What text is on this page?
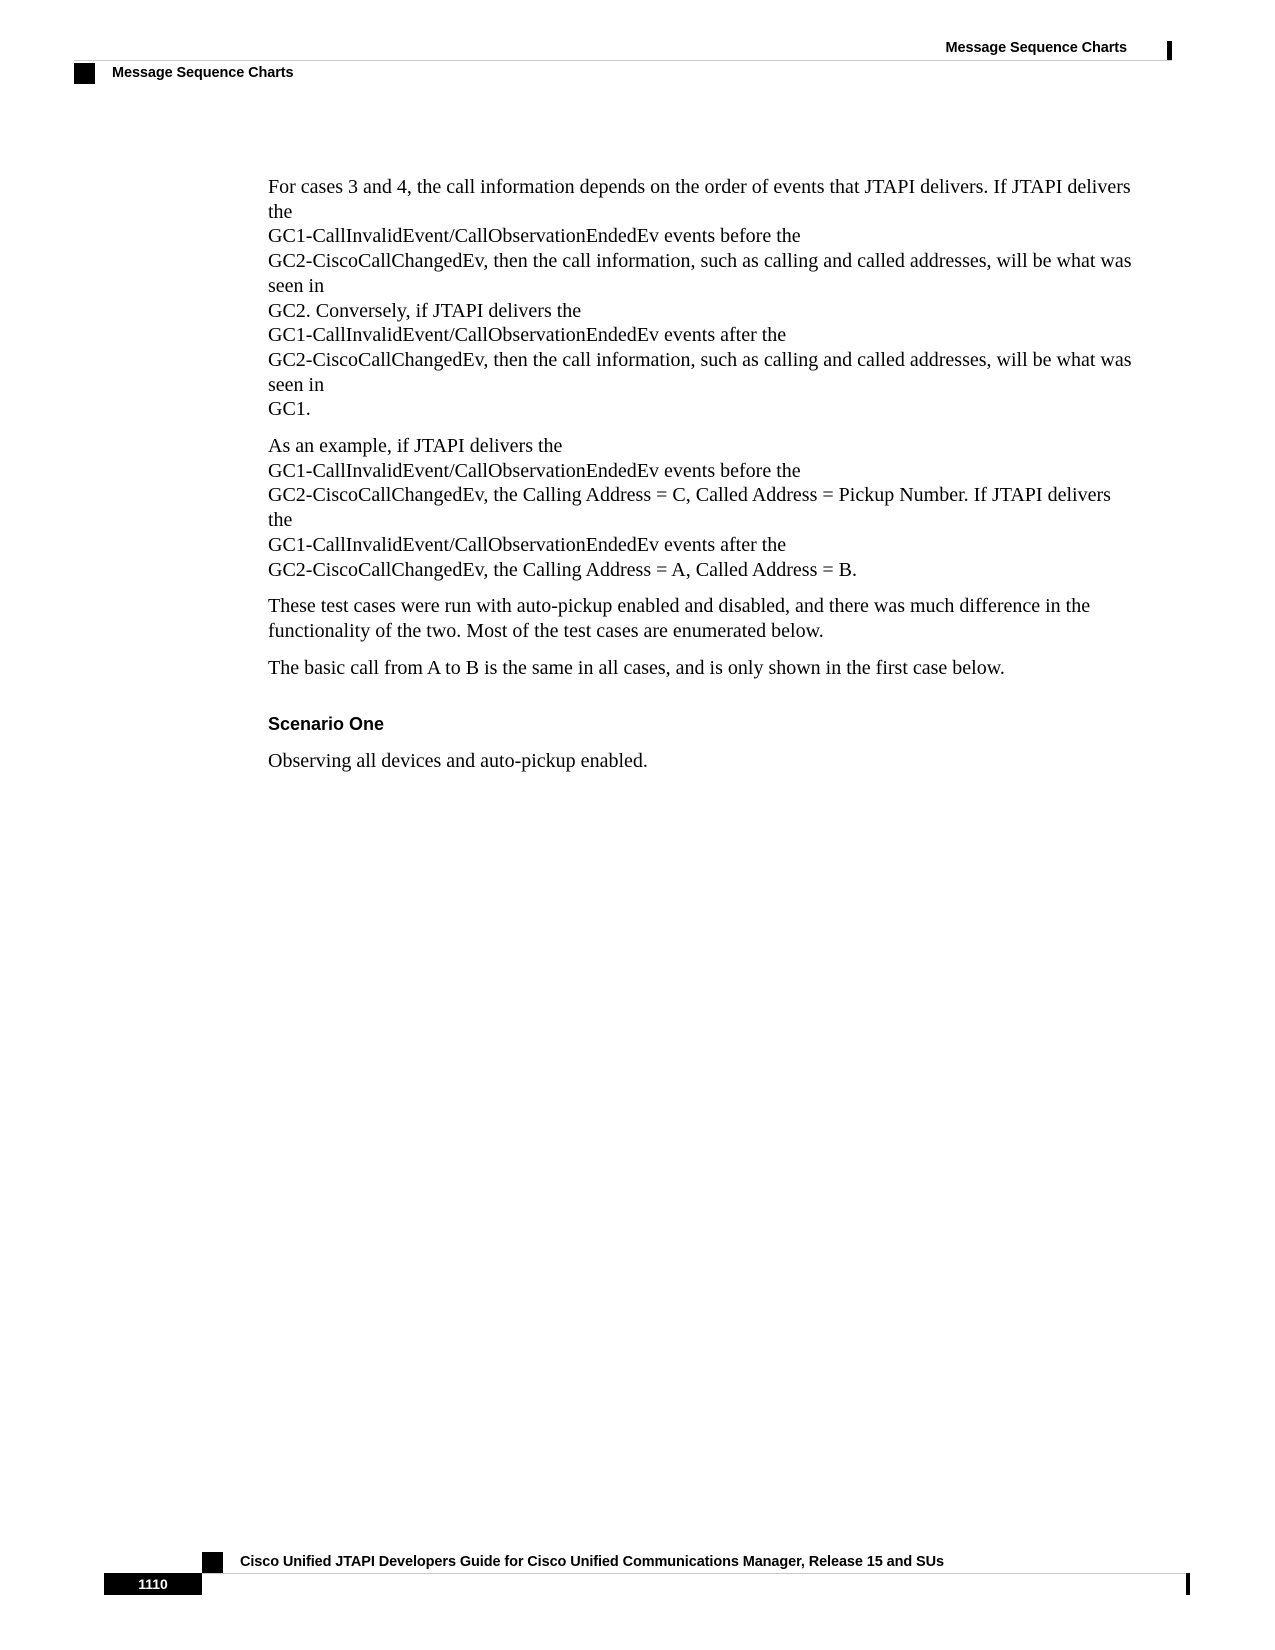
Message Sequence Charts
Message Sequence Charts

For cases 3 and 4, the call information depends on the order of events that JTAPI delivers. If JTAPI delivers
the
GC1-CallInvalidEvent/CallObservationEndedEv events before the
GC2-CiscoCallChangedEv, then the call information, such as calling and called addresses, will be what was
seen in
GC2. Conversely, if JTAPI delivers the
GC1-CallInvalidEvent/CallObservationEndedEv events after the
GC2-CiscoCallChangedEv, then the call information, such as calling and called addresses, will be what was
seen in
GC1.

As an example, if JTAPI delivers the
GC1-CallInvalidEvent/CallObservationEndedEv events before the
GC2-CiscoCallChangedEv, the Calling Address = C, Called Address = Pickup Number. If JTAPI delivers
the
GC1-CallInvalidEvent/CallObservationEndedEv events after the
GC2-CiscoCallChangedEv, the Calling Address = A, Called Address = B.

These test cases were run with auto-pickup enabled and disabled, and there was much difference in the
functionality of the two. Most of the test cases are enumerated below.

The basic call from A to B is the same in all cases, and is only shown in the first case below.

Scenario One

Observing all devices and auto-pickup enabled.

Cisco Unified JTAPI Developers Guide for Cisco Unified Communications Manager, Release 15 and SUs
1110
